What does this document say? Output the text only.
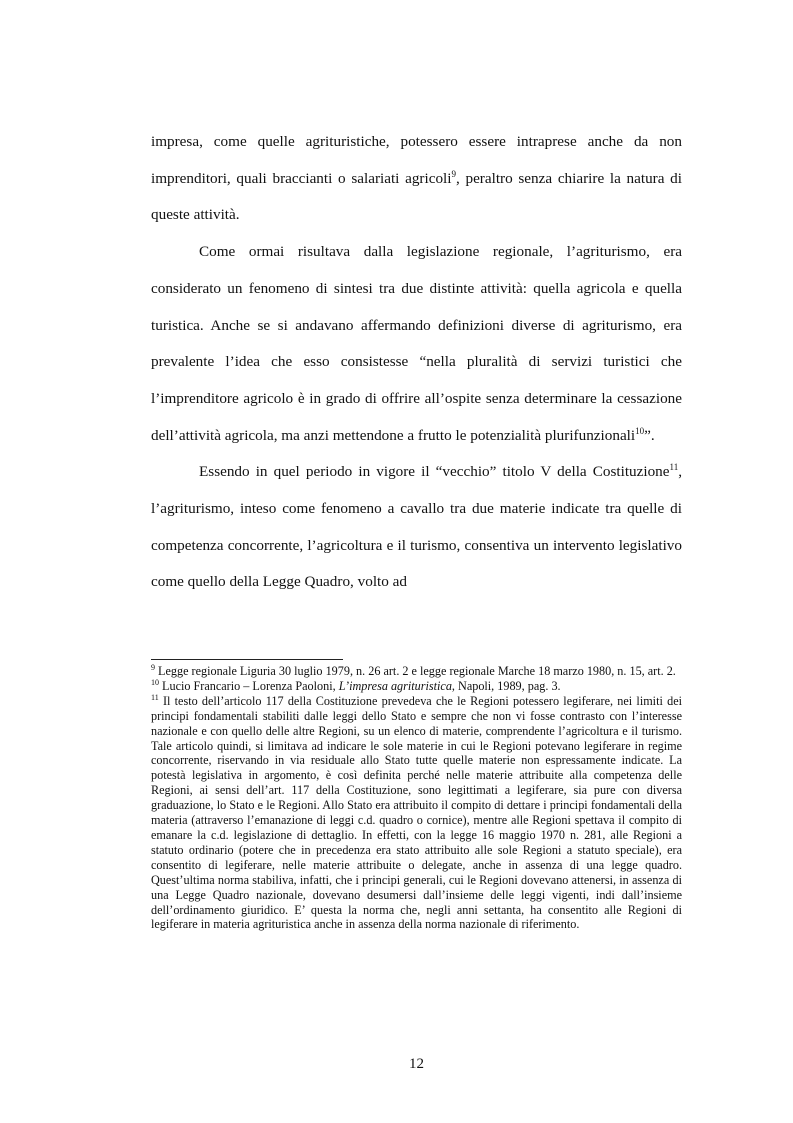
impresa, come quelle agrituristiche, potessero essere intraprese anche da non imprenditori, quali braccianti o salariati agricoli$^9$, peraltro senza chiarire la natura di queste attività.

Come ormai risultava dalla legislazione regionale, l’agriturismo, era considerato un fenomeno di sintesi tra due distinte attività: quella agricola e quella turistica. Anche se si andavano affermando definizioni diverse di agriturismo, era prevalente l’idea che esso consistesse “nella pluralità di servizi turistici che l’imprenditore agricolo è in grado di offrire all’ospite senza determinare la cessazione dell’attività agricola, ma anzi mettendone a frutto le potenzialità plurifunzionali$^{10}$”.

Essendo in quel periodo in vigore il “vecchio” titolo V della Costituzione$^{11}$, l’agriturismo, inteso come fenomeno a cavallo tra due materie indicate tra quelle di competenza concorrente, l’agricoltura e il turismo, consentiva un intervento legislativo come quello della Legge Quadro, volto ad

$^9$ Legge regionale Liguria 30 luglio 1979, n. 26 art. 2 e legge regionale Marche 18 marzo 1980, n. 15, art. 2.

$^{10}$ Lucio Francario – Lorenza Paoloni, L’impresa agrituristica, Napoli, 1989, pag. 3.

$^{11}$ Il testo dell’articolo 117 della Costituzione prevedeva che le Regioni potessero legiferare, nei limiti dei principi fondamentali stabiliti dalle leggi dello Stato e sempre che non vi fosse contrasto con l’interesse nazionale e con quello delle altre Regioni, su un elenco di materie, comprendente l’agricoltura e il turismo. Tale articolo quindi, si limitava ad indicare le sole materie in cui le Regioni potevano legiferare in regime concorrente, riservando in via residuale allo Stato tutte quelle materie non espressamente indicate. La potestà legislativa in argomento, è così definita perché nelle materie attribuite alla competenza delle Regioni, ai sensi dell’art. 117 della Costituzione, sono legittimati a legiferare, sia pure con diversa graduazione, lo Stato e le Regioni. Allo Stato era attribuito il compito di dettare i principi fondamentali della materia (attraverso l’emanazione di leggi c.d. quadro o cornice), mentre alle Regioni spettava il compito di emanare la c.d. legislazione di dettaglio. In effetti, con la legge 16 maggio 1970 n. 281, alle Regioni a statuto ordinario (potere che in precedenza era stato attribuito alle sole Regioni a statuto speciale), era consentito di legiferare, nelle materie attribuite o delegate, anche in assenza di una legge quadro. Quest’ultima norma stabiliva, infatti, che i principi generali, cui le Regioni dovevano attenersi, in assenza di una Legge Quadro nazionale, dovevano desumersi dall’insieme delle leggi vigenti, indi dall’insieme dell’ordinamento giuridico. E’ questa la norma che, negli anni settanta, ha consentito alle Regioni di legiferare in materia agrituristica anche in assenza della norma nazionale di riferimento.

12
